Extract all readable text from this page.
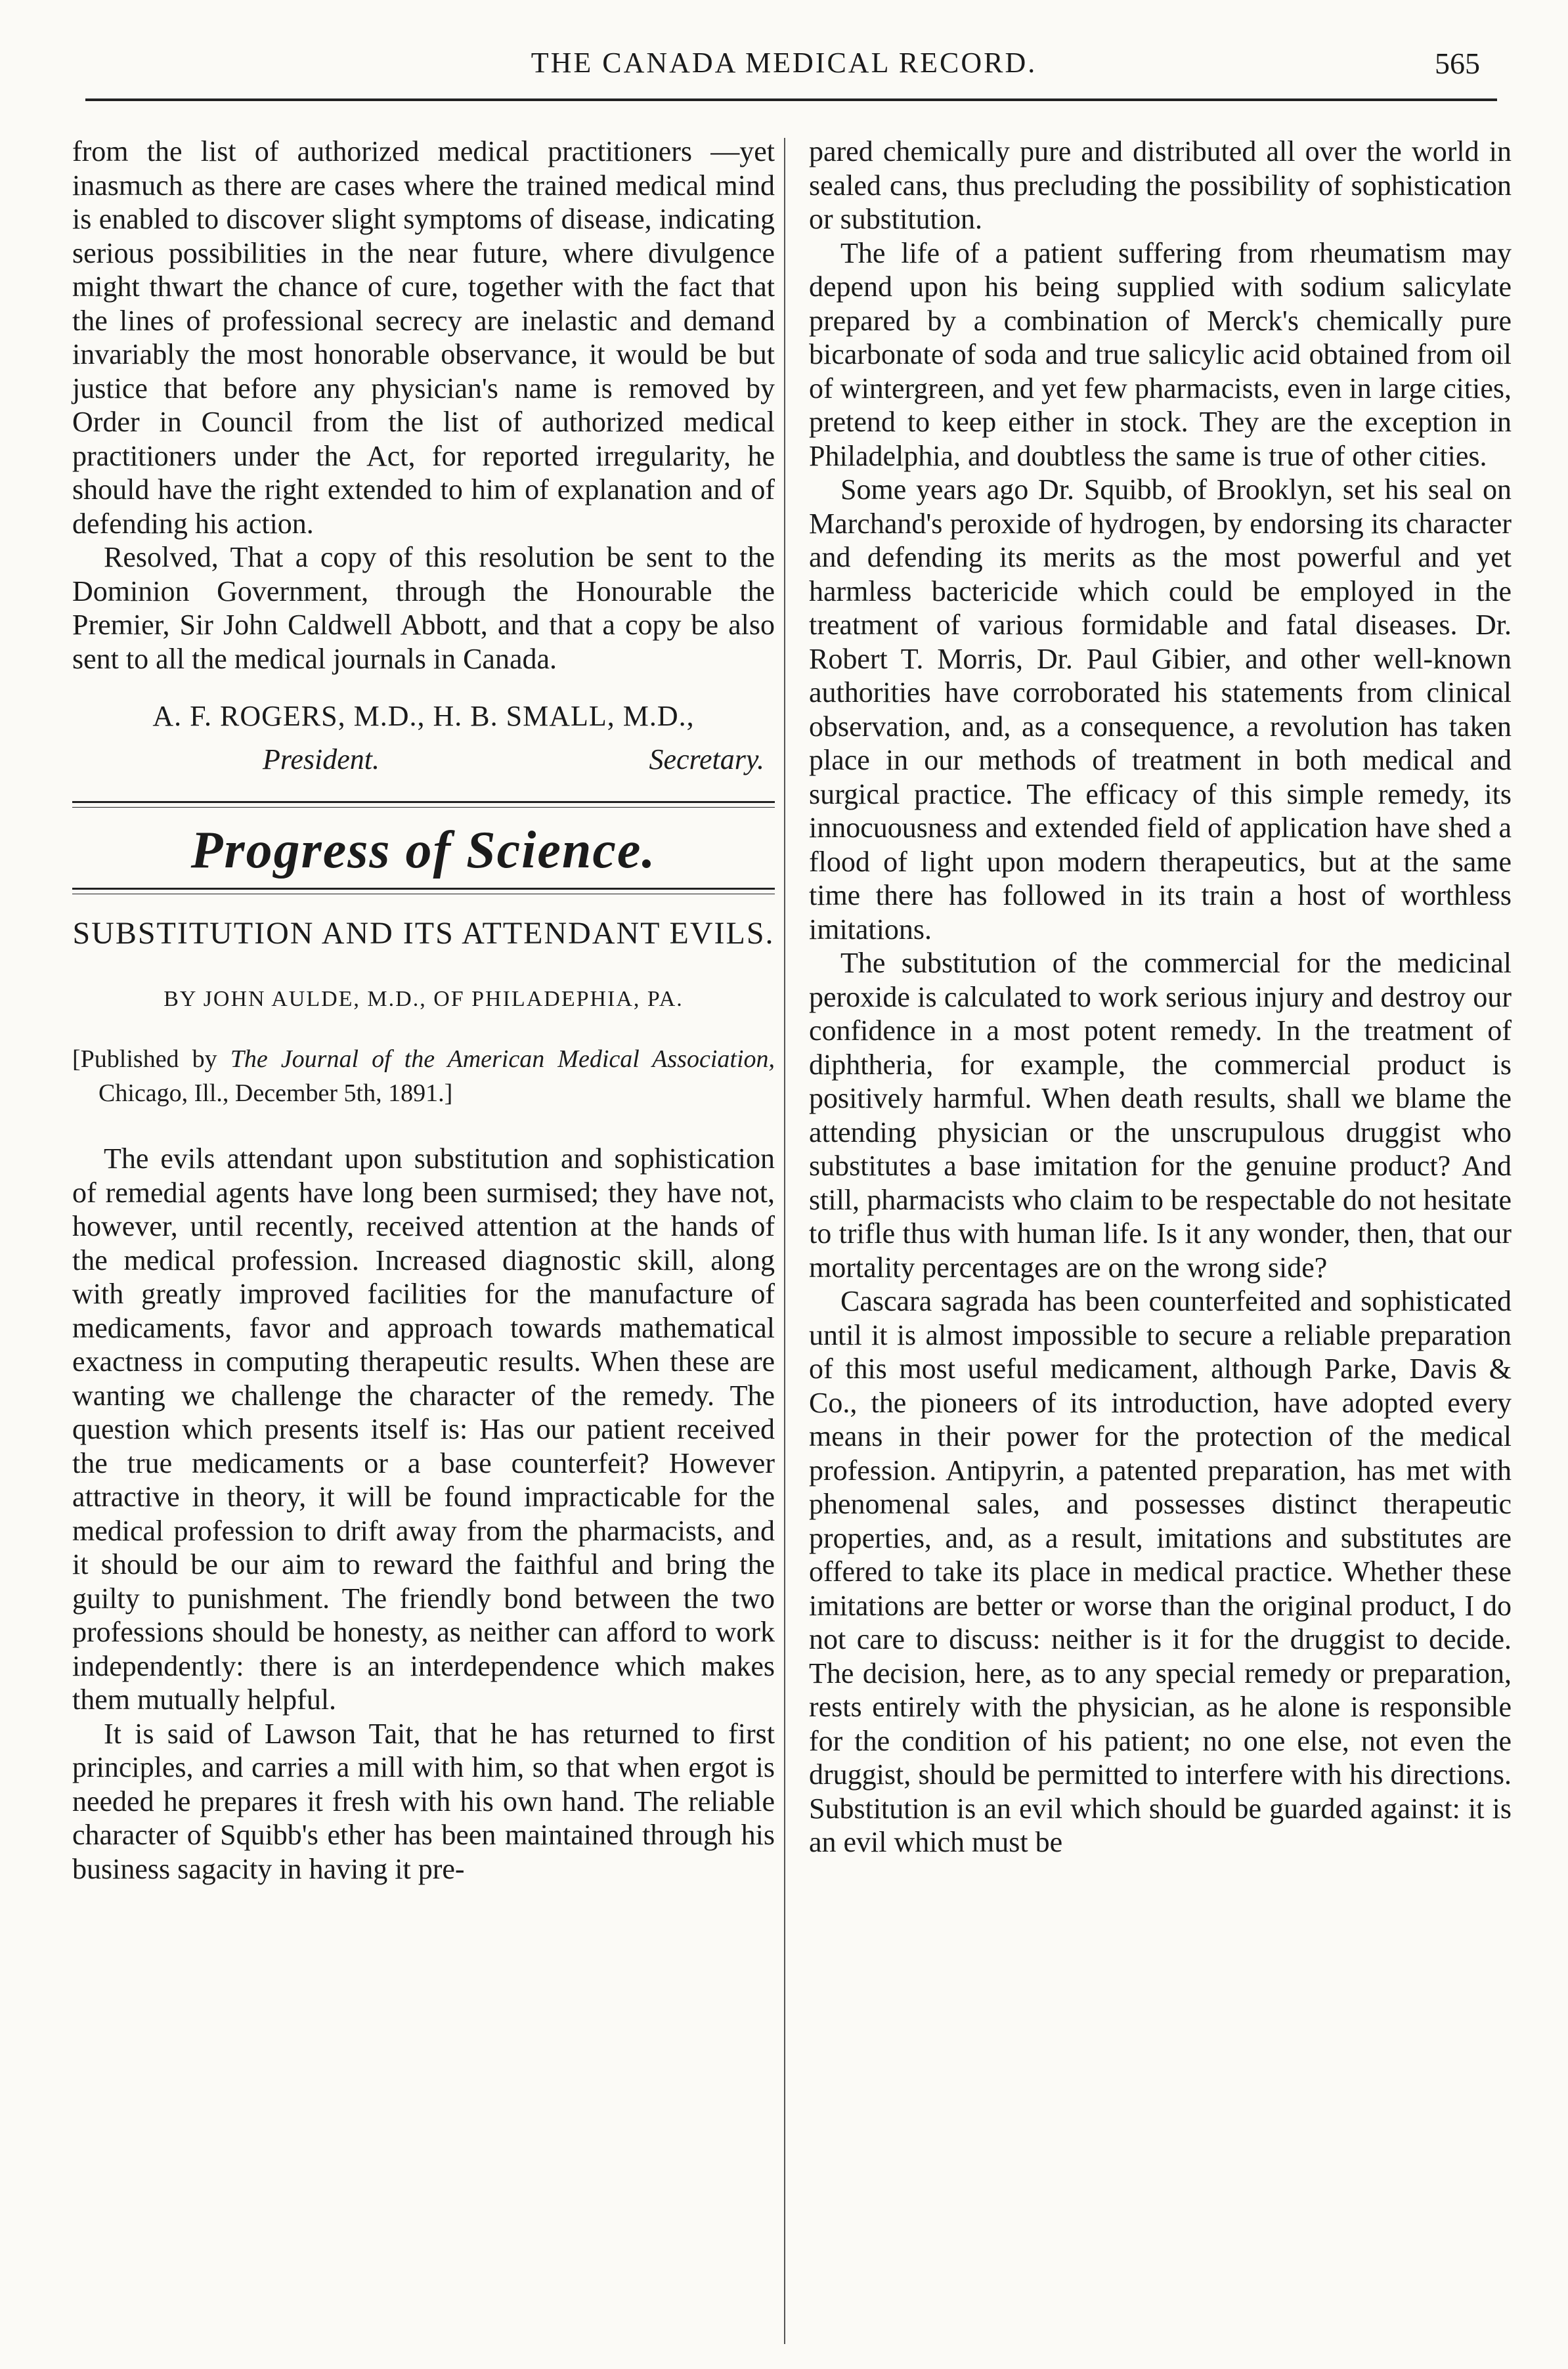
THE CANADA MEDICAL RECORD.	565

from the list of authorized medical practitioners —yet inasmuch as there are cases where the trained medical mind is enabled to discover slight symptoms of disease, indicating serious possibilities in the near future, where divulgence might thwart the chance of cure, together with the fact that the lines of professional secrecy are inelastic and demand invariably the most honorable observance, it would be but justice that before any physician's name is removed by Order in Council from the list of authorized medical practitioners under the Act, for reported irregularity, he should have the right extended to him of explanation and of defending his action.

Resolved, That a copy of this resolution be sent to the Dominion Government, through the Honourable the Premier, Sir John Caldwell Abbott, and that a copy be also sent to all the medical journals in Canada.

A. F. ROGERS, M.D., H. B. SMALL, M.D.,
President.	Secretary.
Progress of Science.
SUBSTITUTION AND ITS ATTENDANT EVILS.
BY JOHN AULDE, M.D., OF PHILADEPHIA, PA.
[Published by The Journal of the American Medical Association, Chicago, Ill., December 5th, 1891.]

The evils attendant upon substitution and sophistication of remedial agents have long been surmised; they have not, however, until recently, received attention at the hands of the medical profession. Increased diagnostic skill, along with greatly improved facilities for the manufacture of medicaments, favor and approach towards mathematical exactness in computing therapeutic results. When these are wanting we challenge the character of the remedy. The question which presents itself is: Has our patient received the true medicaments or a base counterfeit? However attractive in theory, it will be found impracticable for the medical profession to drift away from the pharmacists, and it should be our aim to reward the faithful and bring the guilty to punishment. The friendly bond between the two professions should be honesty, as neither can afford to work independently: there is an interdependence which makes them mutually helpful.

It is said of Lawson Tait, that he has returned to first principles, and carries a mill with him, so that when ergot is needed he prepares it fresh with his own hand. The reliable character of Squibb's ether has been maintained through his business sagacity in having it pre-

pared chemically pure and distributed all over the world in sealed cans, thus precluding the possibility of sophistication or substitution.

The life of a patient suffering from rheumatism may depend upon his being supplied with sodium salicylate prepared by a combination of Merck's chemically pure bicarbonate of soda and true salicylic acid obtained from oil of wintergreen, and yet few pharmacists, even in large cities, pretend to keep either in stock. They are the exception in Philadelphia, and doubtless the same is true of other cities.

Some years ago Dr. Squibb, of Brooklyn, set his seal on Marchand's peroxide of hydrogen, by endorsing its character and defending its merits as the most powerful and yet harmless bactericide which could be employed in the treatment of various formidable and fatal diseases. Dr. Robert T. Morris, Dr. Paul Gibier, and other well-known authorities have corroborated his statements from clinical observation, and, as a consequence, a revolution has taken place in our methods of treatment in both medical and surgical practice. The efficacy of this simple remedy, its innocuousness and extended field of application have shed a flood of light upon modern therapeutics, but at the same time there has followed in its train a host of worthless imitations.

The substitution of the commercial for the medicinal peroxide is calculated to work serious injury and destroy our confidence in a most potent remedy. In the treatment of diphtheria, for example, the commercial product is positively harmful. When death results, shall we blame the attending physician or the unscrupulous druggist who substitutes a base imitation for the genuine product? And still, pharmacists who claim to be respectable do not hesitate to trifle thus with human life. Is it any wonder, then, that our mortality percentages are on the wrong side?

Cascara sagrada has been counterfeited and sophisticated until it is almost impossible to secure a reliable preparation of this most useful medicament, although Parke, Davis & Co., the pioneers of its introduction, have adopted every means in their power for the protection of the medical profession. Antipyrin, a patented preparation, has met with phenomenal sales, and possesses distinct therapeutic properties, and, as a result, imitations and substitutes are offered to take its place in medical practice. Whether these imitations are better or worse than the original product, I do not care to discuss: neither is it for the druggist to decide. The decision, here, as to any special remedy or preparation, rests entirely with the physician, as he alone is responsible for the condition of his patient; no one else, not even the druggist, should be permitted to interfere with his directions. Substitution is an evil which should be guarded against: it is an evil which must be
